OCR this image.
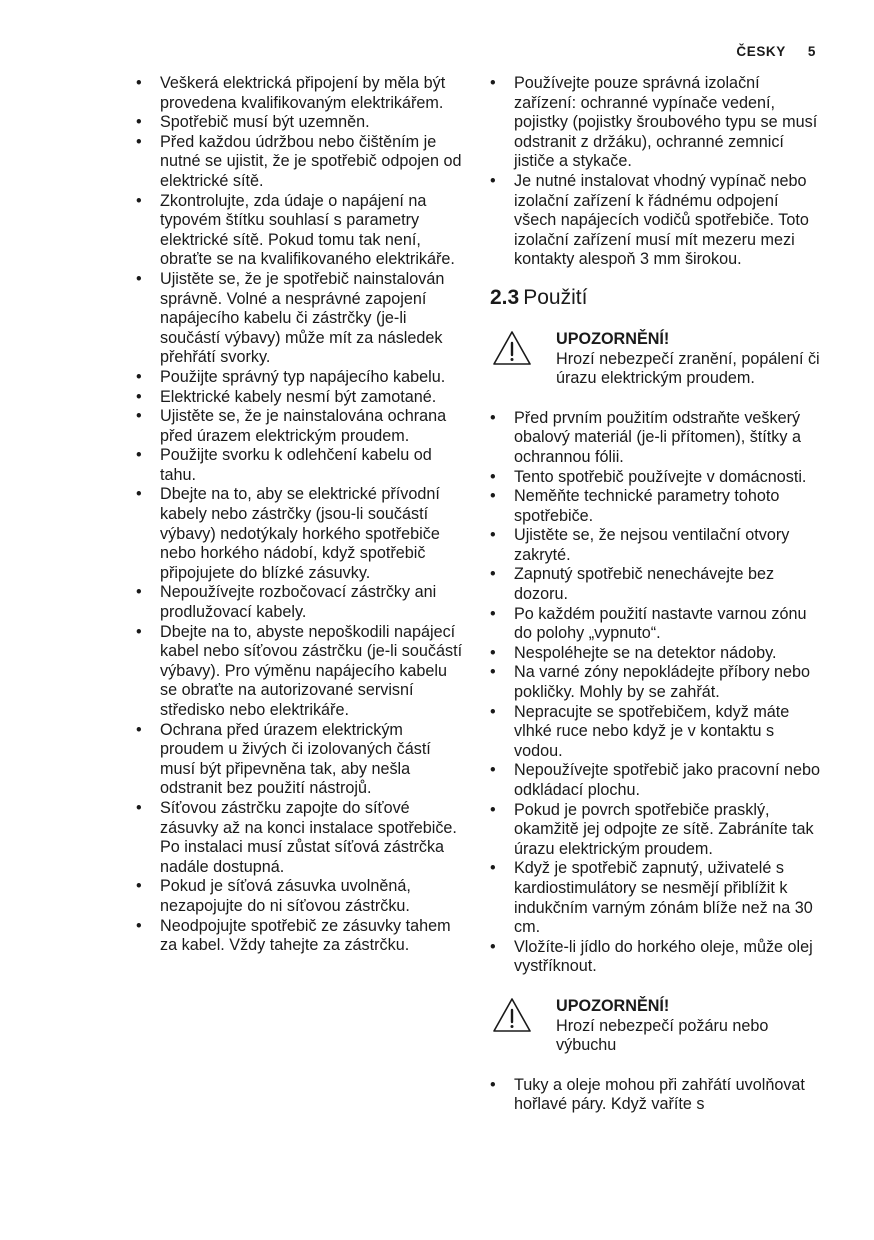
ČESKY 5
• Veškerá elektrická připojení by měla být provedena kvalifikovaným elektrikářem.
• Spotřebič musí být uzemněn.
• Před každou údržbou nebo čištěním je nutné se ujistit, že je spotřebič odpojen od elektrické sítě.
• Zkontrolujte, zda údaje o napájení na typovém štítku souhlasí s parametry elektrické sítě. Pokud tomu tak není, obraťte se na kvalifikovaného elektrikáře.
• Ujistěte se, že je spotřebič nainstalován správně. Volné a nesprávné zapojení napájecího kabelu či zástrčky (je-li součástí výbavy) může mít za následek přehřátí svorky.
• Použijte správný typ napájecího kabelu.
• Elektrické kabely nesmí být zamotané.
• Ujistěte se, že je nainstalována ochrana před úrazem elektrickým proudem.
• Použijte svorku k odlehčení kabelu od tahu.
• Dbejte na to, aby se elektrické přívodní kabely nebo zástrčky (jsou-li součástí výbavy) nedotýkaly horkého spotřebiče nebo horkého nádobí, když spotřebič připojujete do blízké zásuvky.
• Nepoužívejte rozbočovací zástrčky ani prodlužovací kabely.
• Dbejte na to, abyste nepoškodili napájecí kabel nebo síťovou zástrčku (je-li součástí výbavy). Pro výměnu napájecího kabelu se obraťte na autorizované servisní středisko nebo elektrikáře.
• Ochrana před úrazem elektrickým proudem u živých či izolovaných částí musí být připevněna tak, aby nešla odstranit bez použití nástrojů.
• Síťovou zástrčku zapojte do síťové zásuvky až na konci instalace spotřebiče. Po instalaci musí zůstat síťová zástrčka nadále dostupná.
• Pokud je síťová zásuvka uvolněná, nezapojujte do ni síťovou zástrčku.
• Neodpojujte spotřebič ze zásuvky tahem za kabel. Vždy tahejte za zástrčku.
• Používejte pouze správná izolační zařízení: ochranné vypínače vedení, pojistky (pojistky šroubového typu se musí odstranit z držáku), ochranné zemnicí jističe a stykače.
• Je nutné instalovat vhodný vypínač nebo izolační zařízení k řádnému odpojení všech napájecích vodičů spotřebiče. Toto izolační zařízení musí mít mezeru mezi kontakty alespoň 3 mm širokou.
2.3 Použití
UPOZORNĚNÍ!
Hrozí nebezpečí zranění, popálení či úrazu elektrickým proudem.
• Před prvním použitím odstraňte veškerý obalový materiál (je-li přítomen), štítky a ochrannou fólii.
• Tento spotřebič používejte v domácnosti.
• Neměňte technické parametry tohoto spotřebiče.
• Ujistěte se, že nejsou ventilační otvory zakryté.
• Zapnutý spotřebič nenechávejte bez dozoru.
• Po každém použití nastavte varnou zónu do polohy „vypnuto“.
• Nespoléhejte se na detektor nádoby.
• Na varné zóny nepokládejte příbory nebo pokličky. Mohly by se zahřát.
• Nepracujte se spotřebičem, když máte vlhké ruce nebo když je v kontaktu s vodou.
• Nepoužívejte spotřebič jako pracovní nebo odkládací plochu.
• Pokud je povrch spotřebiče prasklý, okamžitě jej odpojte ze sítě. Zabráníte tak úrazu elektrickým proudem.
• Když je spotřebič zapnutý, uživatelé s kardiostimulátory se nesmějí přiblížit k indukčním varným zónám blíže než na 30 cm.
• Vložíte-li jídlo do horkého oleje, může olej vystříknout.
UPOZORNĚNÍ!
Hrozí nebezpečí požáru nebo výbuchu
• Tuky a oleje mohou při zahřátí uvolňovat hořlavé páry. Když vaříte s
